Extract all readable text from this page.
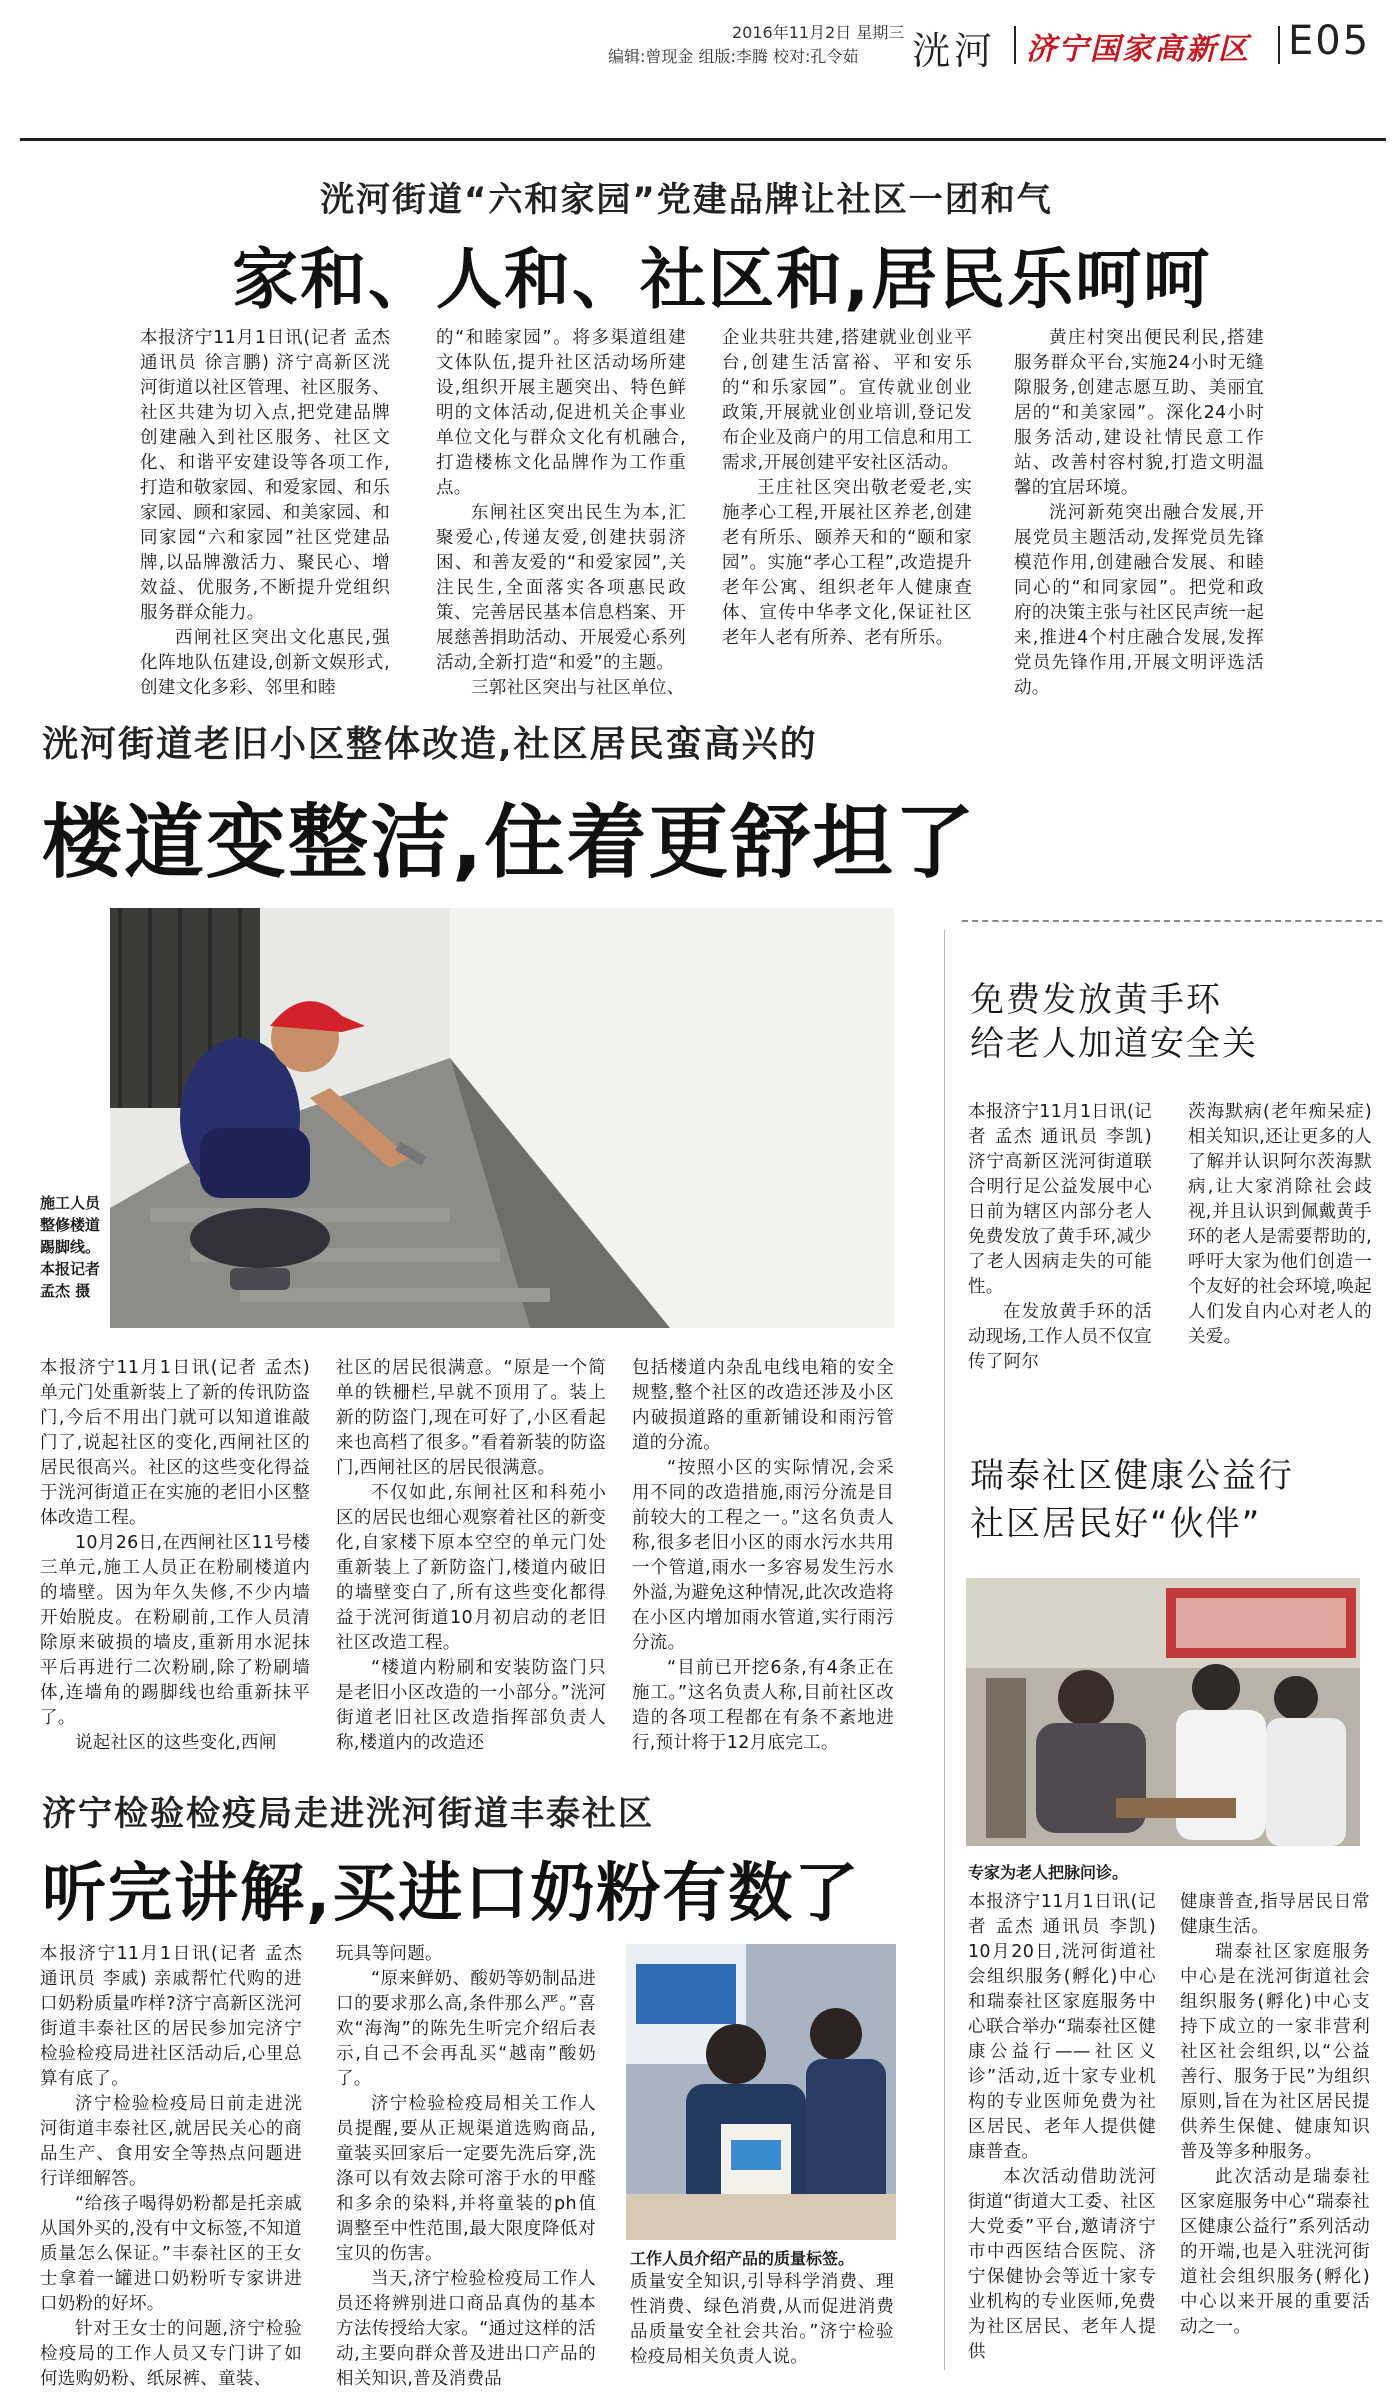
2016年11月2日 星期三
编辑:曾现金 组版:李腾 校对:孔令茹 洸河 济宁国家高新区 E05
洸河街道“六和家园”党建品牌让社区一团和气
家和、人和、社区和,居民乐呵呵

本报济宁11月1日讯(记者 孟杰 通讯员 徐言鹏) 济宁高新区洸河街道以社区管理、社区服务、社区共建为切入点,把党建品牌创建融入到社区服务、社区文化、和谐平安建设等各项工作,打造和敬家园、和爱家园、和乐家园、顾和家园、和美家园、和同家园“六和家园”社区党建品牌,以品牌激活力、聚民心、增效益、优服务,不断提升党组织服务群众能力。

西闸社区突出文化惠民,强化阵地队伍建设,创新文娱形式,创建文化多彩、邻里和睦

的“和睦家园”。将多渠道组建文体队伍,提升社区活动场所建设,组织开展主题突出、特色鲜明的文体活动,促进机关企事业单位文化与群众文化有机融合,打造楼栋文化品牌作为工作重点。

东闸社区突出民生为本,汇聚爱心,传递友爱,创建扶弱济困、和善友爱的“和爱家园”,关注民生,全面落实各项惠民政策、完善居民基本信息档案、开展慈善捐助活动、开展爱心系列活动,全新打造“和爱”的主题。

三郭社区突出与社区单位、

企业共驻共建,搭建就业创业平台,创建生活富裕、平和安乐的“和乐家园”。宣传就业创业政策,开展就业创业培训,登记发布企业及商户的用工信息和用工需求,开展创建平安社区活动。

王庄社区突出敬老爱老,实施孝心工程,开展社区养老,创建老有所乐、颐养天和的“颐和家园”。实施“孝心工程”,改造提升老年公寓、组织老年人健康查体、宣传中华孝文化,保证社区老年人老有所养、老有所乐。

黄庄村突出便民利民,搭建服务群众平台,实施24小时无缝隙服务,创建志愿互助、美丽宜居的“和美家园”。深化24小时服务活动,建设社情民意工作站、改善村容村貌,打造文明温馨的宜居环境。

洸河新苑突出融合发展,开展党员主题活动,发挥党员先锋模范作用,创建融合发展、和睦同心的“和同家园”。把党和政府的决策主张与社区民声统一起来,推进4个村庄融合发展,发挥党员先锋作用,开展文明评选活动。

洸河街道老旧小区整体改造,社区居民蛮高兴的
楼道变整洁,住着更舒坦了
施工人员整修楼道踢脚线。本报记者 孟杰 摄

本报济宁11月1日讯(记者 孟杰) 单元门处重新装上了新的传讯防盗门,今后不用出门就可以知道谁敲门了,说起社区的变化,西闸社区的居民很高兴。社区的这些变化得益于洸河街道正在实施的老旧小区整体改造工程。

10月26日,在西闸社区11号楼三单元,施工人员正在粉刷楼道内的墙壁。因为年久失修,不少内墙开始脱皮。在粉刷前,工作人员清除原来破损的墙皮,重新用水泥抹平后再进行二次粉刷,除了粉刷墙体,连墙角的踢脚线也给重新抹平了。

说起社区的这些变化,西闸

社区的居民很满意。“原是一个简单的铁栅栏,早就不顶用了。装上新的防盗门,现在可好了,小区看起来也高档了很多。”看着新装的防盗门,西闸社区的居民很满意。

不仅如此,东闸社区和科苑小区的居民也细心观察着社区的新变化,自家楼下原本空空的单元门处重新装上了新防盗门,楼道内破旧的墙壁变白了,所有这些变化都得益于洸河街道10月初启动的老旧社区改造工程。

“楼道内粉刷和安装防盗门只是老旧小区改造的一小部分。”洸河街道老旧社区改造指挥部负责人称,楼道内的改造还

包括楼道内杂乱电线电箱的安全规整,整个社区的改造还涉及小区内破损道路的重新铺设和雨污管道的分流。

“按照小区的实际情况,会采用不同的改造措施,雨污分流是目前较大的工程之一。”这名负责人称,很多老旧小区的雨水污水共用一个管道,雨水一多容易发生污水外溢,为避免这种情况,此次改造将在小区内增加雨水管道,实行雨污分流。

“目前已开挖6条,有4条正在施工。”这名负责人称,目前社区改造的各项工程都在有条不紊地进行,预计将于12月底完工。

免费发放黄手环
给老人加道安全关

本报济宁11月1日讯(记者 孟杰 通讯员 李凯) 济宁高新区洸河街道联合明行足公益发展中心日前为辖区内部分老人免费发放了黄手环,减少了老人因病走失的可能性。

在发放黄手环的活动现场,工作人员不仅宣传了阿尔

茨海默病(老年痴呆症)相关知识,还让更多的人了解并认识阿尔茨海默病,让大家消除社会歧视,并且认识到佩戴黄手环的老人是需要帮助的,呼吁大家为他们创造一个友好的社会环境,唤起人们发自内心对老人的关爱。

瑞泰社区健康公益行
社区居民好“伙伴”
专家为老人把脉问诊。

本报济宁11月1日讯(记者 孟杰 通讯员 李凯) 10月20日,洸河街道社会组织服务(孵化)中心和瑞泰社区家庭服务中心联合举办“瑞泰社区健康公益行——社区义诊”活动,近十家专业机构的专业医师免费为社区居民、老年人提供健康普查。

本次活动借助洸河街道“街道大工委、社区大党委”平台,邀请济宁市中西医结合医院、济宁保健协会等近十家专业机构的专业医师,免费为社区居民、老年人提供

健康普查,指导居民日常健康生活。

瑞泰社区家庭服务中心是在洸河街道社会组织服务(孵化)中心支持下成立的一家非营利社区社会组织,以“公益善行、服务于民”为组织原则,旨在为社区居民提供养生保健、健康知识普及等多种服务。

此次活动是瑞泰社区家庭服务中心“瑞泰社区健康公益行”系列活动的开端,也是入驻洸河街道社会组织服务(孵化)中心以来开展的重要活动之一。

济宁检验检疫局走进洸河街道丰泰社区
听完讲解,买进口奶粉有数了

本报济宁11月1日讯(记者 孟杰 通讯员 李戚) 亲戚帮忙代购的进口奶粉质量咋样?济宁高新区洸河街道丰泰社区的居民参加完济宁检验检疫局进社区活动后,心里总算有底了。

济宁检验检疫局日前走进洸河街道丰泰社区,就居民关心的商品生产、食用安全等热点问题进行详细解答。

“给孩子喝得奶粉都是托亲戚从国外买的,没有中文标签,不知道质量怎么保证。”丰泰社区的王女士拿着一罐进口奶粉听专家讲进口奶粉的好坏。

针对王女士的问题,济宁检验检疫局的工作人员又专门讲了如何选购奶粉、纸尿裤、童装、

玩具等问题。

“原来鲜奶、酸奶等奶制品进口的要求那么高,条件那么严。”喜欢“海淘”的陈先生听完介绍后表示,自己不会再乱买“越南”酸奶了。

济宁检验检疫局相关工作人员提醒,要从正规渠道选购商品,童装买回家后一定要先洗后穿,洗涤可以有效去除可溶于水的甲醛和多余的染料,并将童装的ph值调整至中性范围,最大限度降低对宝贝的伤害。

当天,济宁检验检疫局工作人员还将辨别进口商品真伪的基本方法传授给大家。“通过这样的活动,主要向群众普及进出口产品的相关知识,普及消费品

工作人员介绍产品的质量标签。

质量安全知识,引导科学消费、理性消费、绿色消费,从而促进消费品质量安全社会共治。”济宁检验检疫局相关负责人说。
